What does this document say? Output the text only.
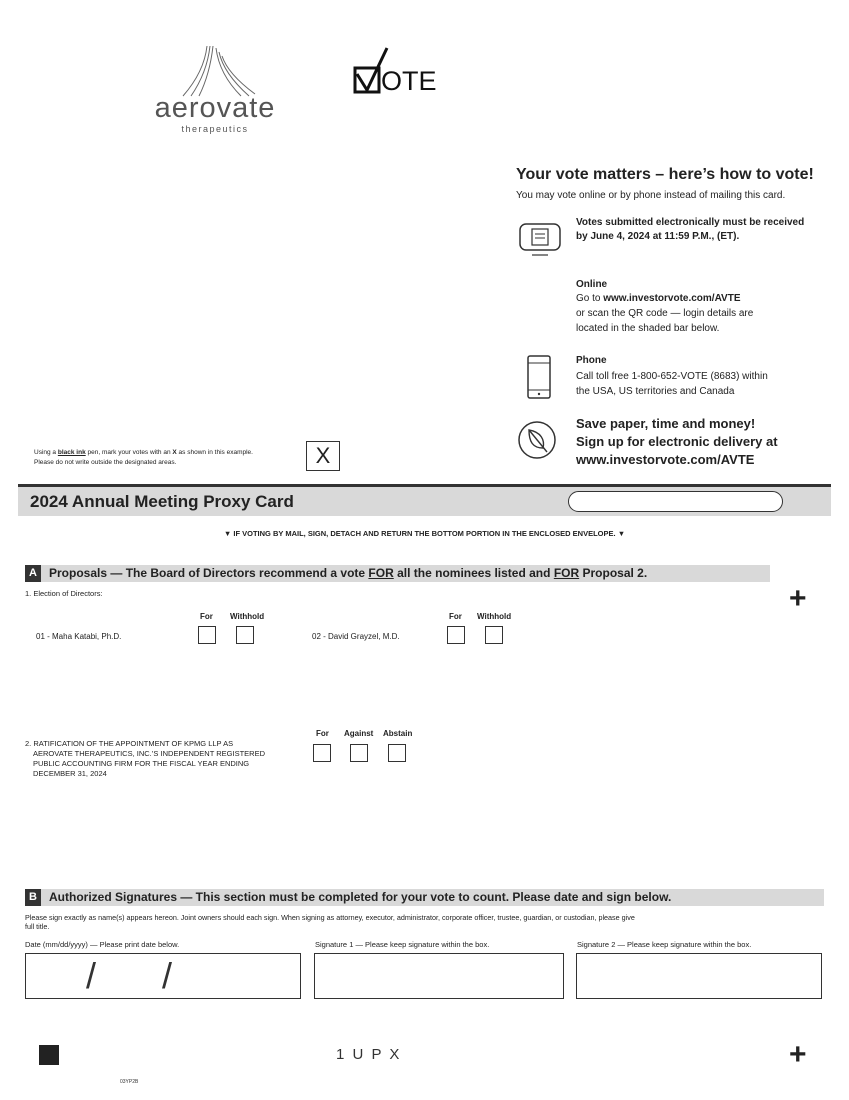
aerovate
therapeutics
OTE
Your vote matters – here’s how to vote!
You may vote online or by phone instead of mailing this card.
Votes submitted electronically must be received by June 4, 2024 at 11:59 P.M., (ET).
Online
Go to www.investorvote.com/AVTE
or scan the QR code — login details are
located in the shaded bar below.
Phone
Call toll free 1-800-652-VOTE (8683) within
the USA, US territories and Canada
Save paper, time and money!
Sign up for electronic delivery at
www.investorvote.com/AVTE
Using a black ink pen, mark your votes with an X as shown in this example.
Please do not write outside the designated areas.	X
2024 Annual Meeting Proxy Card
▼ IF VOTING BY MAIL, SIGN, DETACH AND RETURN THE BOTTOM PORTION IN THE ENCLOSED ENVELOPE. ▼
A	Proposals — The Board of Directors recommend a vote FOR all the nominees listed and FOR Proposal 2.
+
1. Election of Directors:
For Withhold
01 - Maha Katabi, Ph.D.
For Withhold
02 - David Grayzel, M.D.
2. RATIFICATION OF THE APPOINTMENT OF KPMG LLP AS
AEROVATE THERAPEUTICS, INC.’S INDEPENDENT REGISTERED
PUBLIC ACCOUNTING FIRM FOR THE FISCAL YEAR ENDING
DECEMBER 31, 2024
For Against Abstain
B	Authorized Signatures — This section must be completed for your vote to count. Please date and sign below.
Please sign exactly as name(s) appears hereon. Joint owners should each sign. When signing as attorney, executor, administrator, corporate officer, trustee, guardian, or custodian, please give
full title.
Date (mm/dd/yyyy) — Please print date below.	Signature 1 — Please keep signature within the box.	Signature 2 — Please keep signature within the box.
/ /
1 U P X	+
03YP2B
